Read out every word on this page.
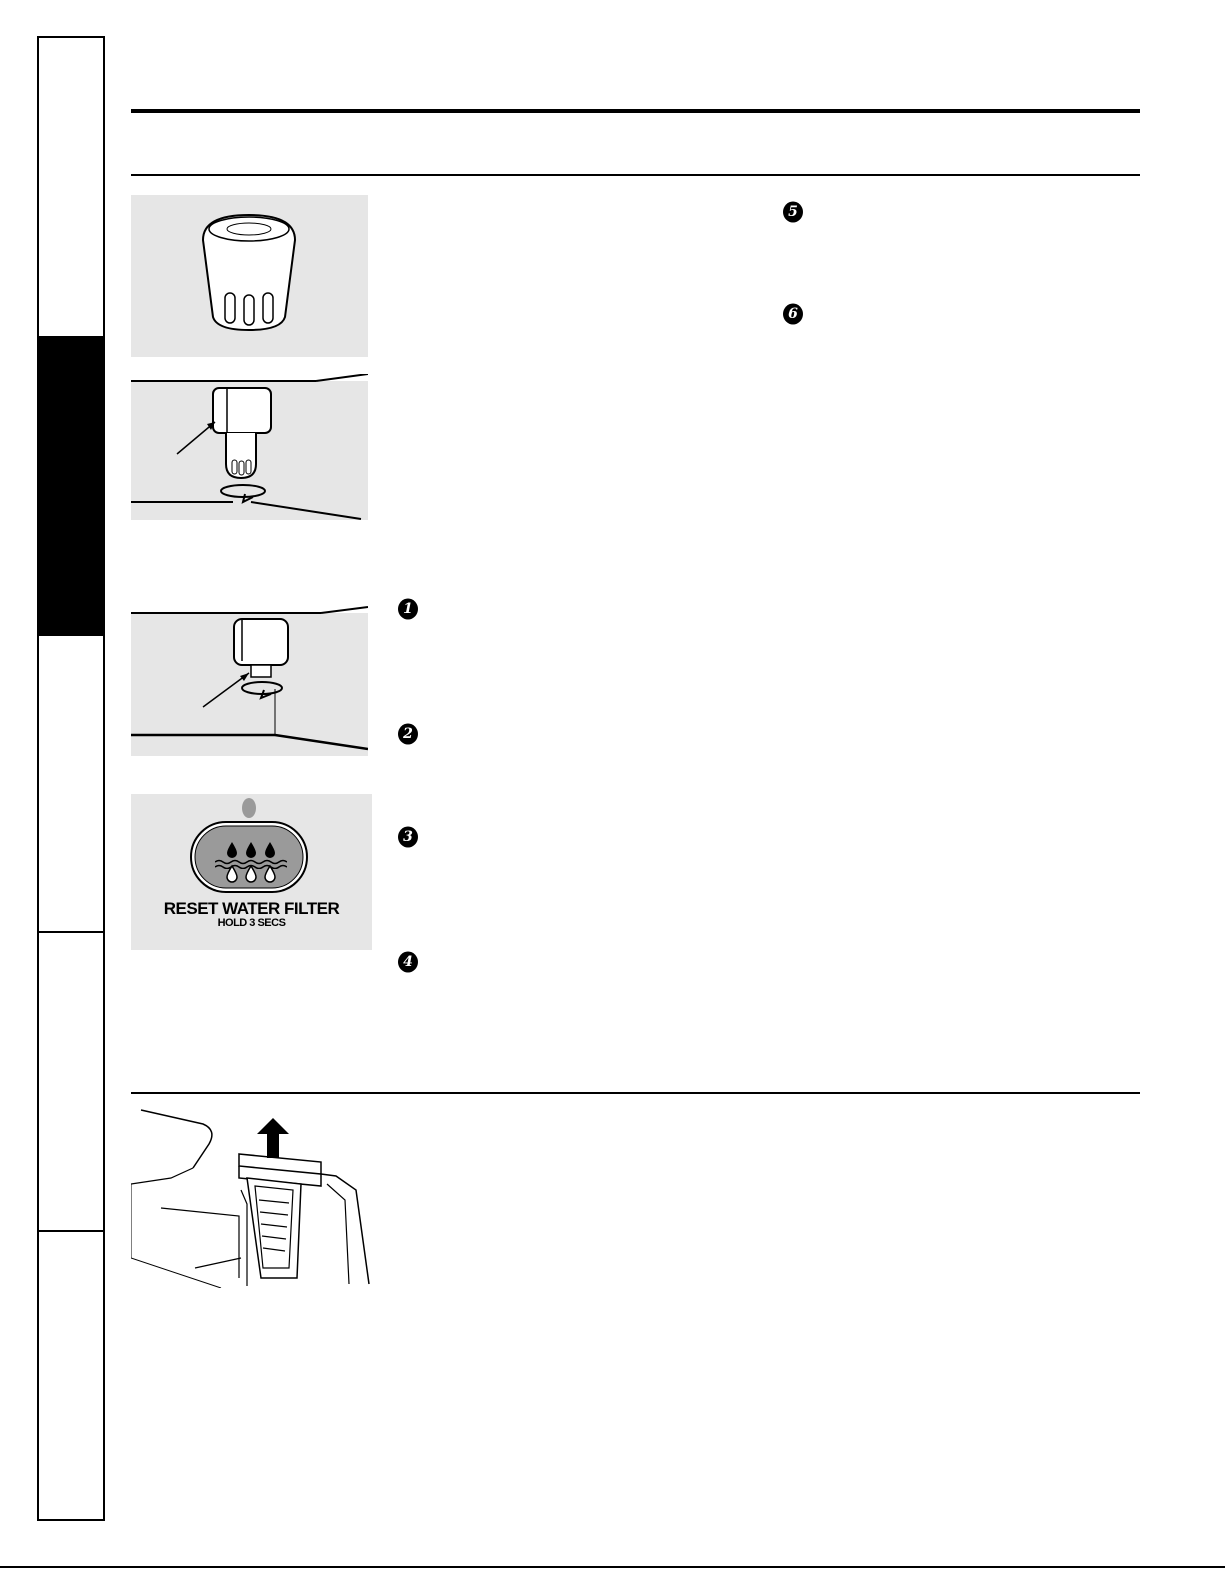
RESET WATER FILTER
HOLD 3 SECS
1
2
3
4
5
6
